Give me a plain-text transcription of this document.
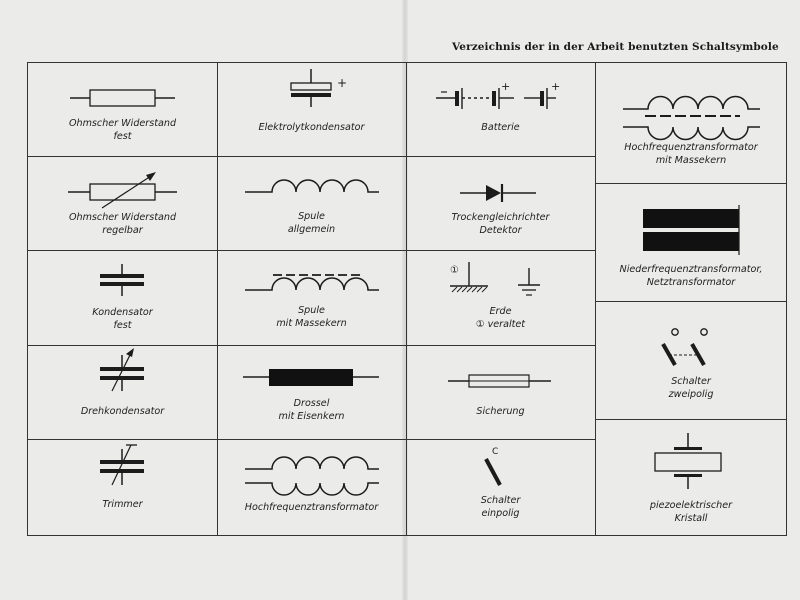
Verzeichnis der in der Arbeit benutzten Schaltsymbole
Ohmscher Widerstand
fest
Ohmscher Widerstand
regelbar
Kondensator
fest
Drehkondensator
Trimmer
+
Elektrolytkondensator
Spule
allgemein
Spule
mit Massekern
Drossel
mit Eisenkern
Hochfrequenztransformator
+	+
Batterie
Trockengleichrichter
Detektor
①
Erde
① veraltet
Sicherung
C
Schalter
einpolig
Hochfrequenztransformator
mit Massekern
Niederfrequenztransformator,
Netztransformator
Schalter
zweipolig
piezoelektrischer
Kristall
